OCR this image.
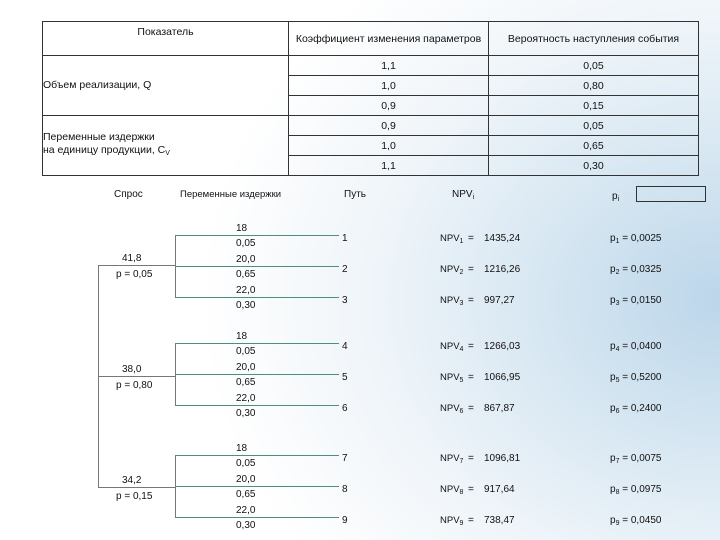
Показатель	Коэффициент изменения параметров	Вероятность наступления события
Объем реализации, Q	1,1	0,05
	1,0	0,80
	0,9	0,15
Переменные издержки
на единицу продукции, $C_V$	0,9	0,05
	1,0	0,65
	1,1	0,30
Спрос	Переменные издержки	Путь	$NPV_i$	$p_i$
41,8
p = 0,05
18
0,05	1	$NPV_1 = 1435,24$	$p_1 = 0,0025$
20,0
0,65	2	$NPV_2 = 1216,26$	$p_2 = 0,0325$
22,0
0,30	3	$NPV_3 = 997,27$	$p_3 = 0,0150$
38,0
p = 0,80
18
0,05	4	$NPV_4 = 1266,03$	$p_4 = 0,0400$
20,0
0,65	5	$NPV_5 = 1066,95$	$p_5 = 0,5200$
22,0
0,30	6	$NPV_6 = 867,87$	$p_6 = 0,2400$
34,2
p = 0,15
18
0,05	7	$NPV_7 = 1096,81$	$p_7 = 0,0075$
20,0
0,65	8	$NPV_8 = 917,64$	$p_8 = 0,0975$
22,0
0,30	9	$NPV_9 = 738,47$	$p_9 = 0,0450$
